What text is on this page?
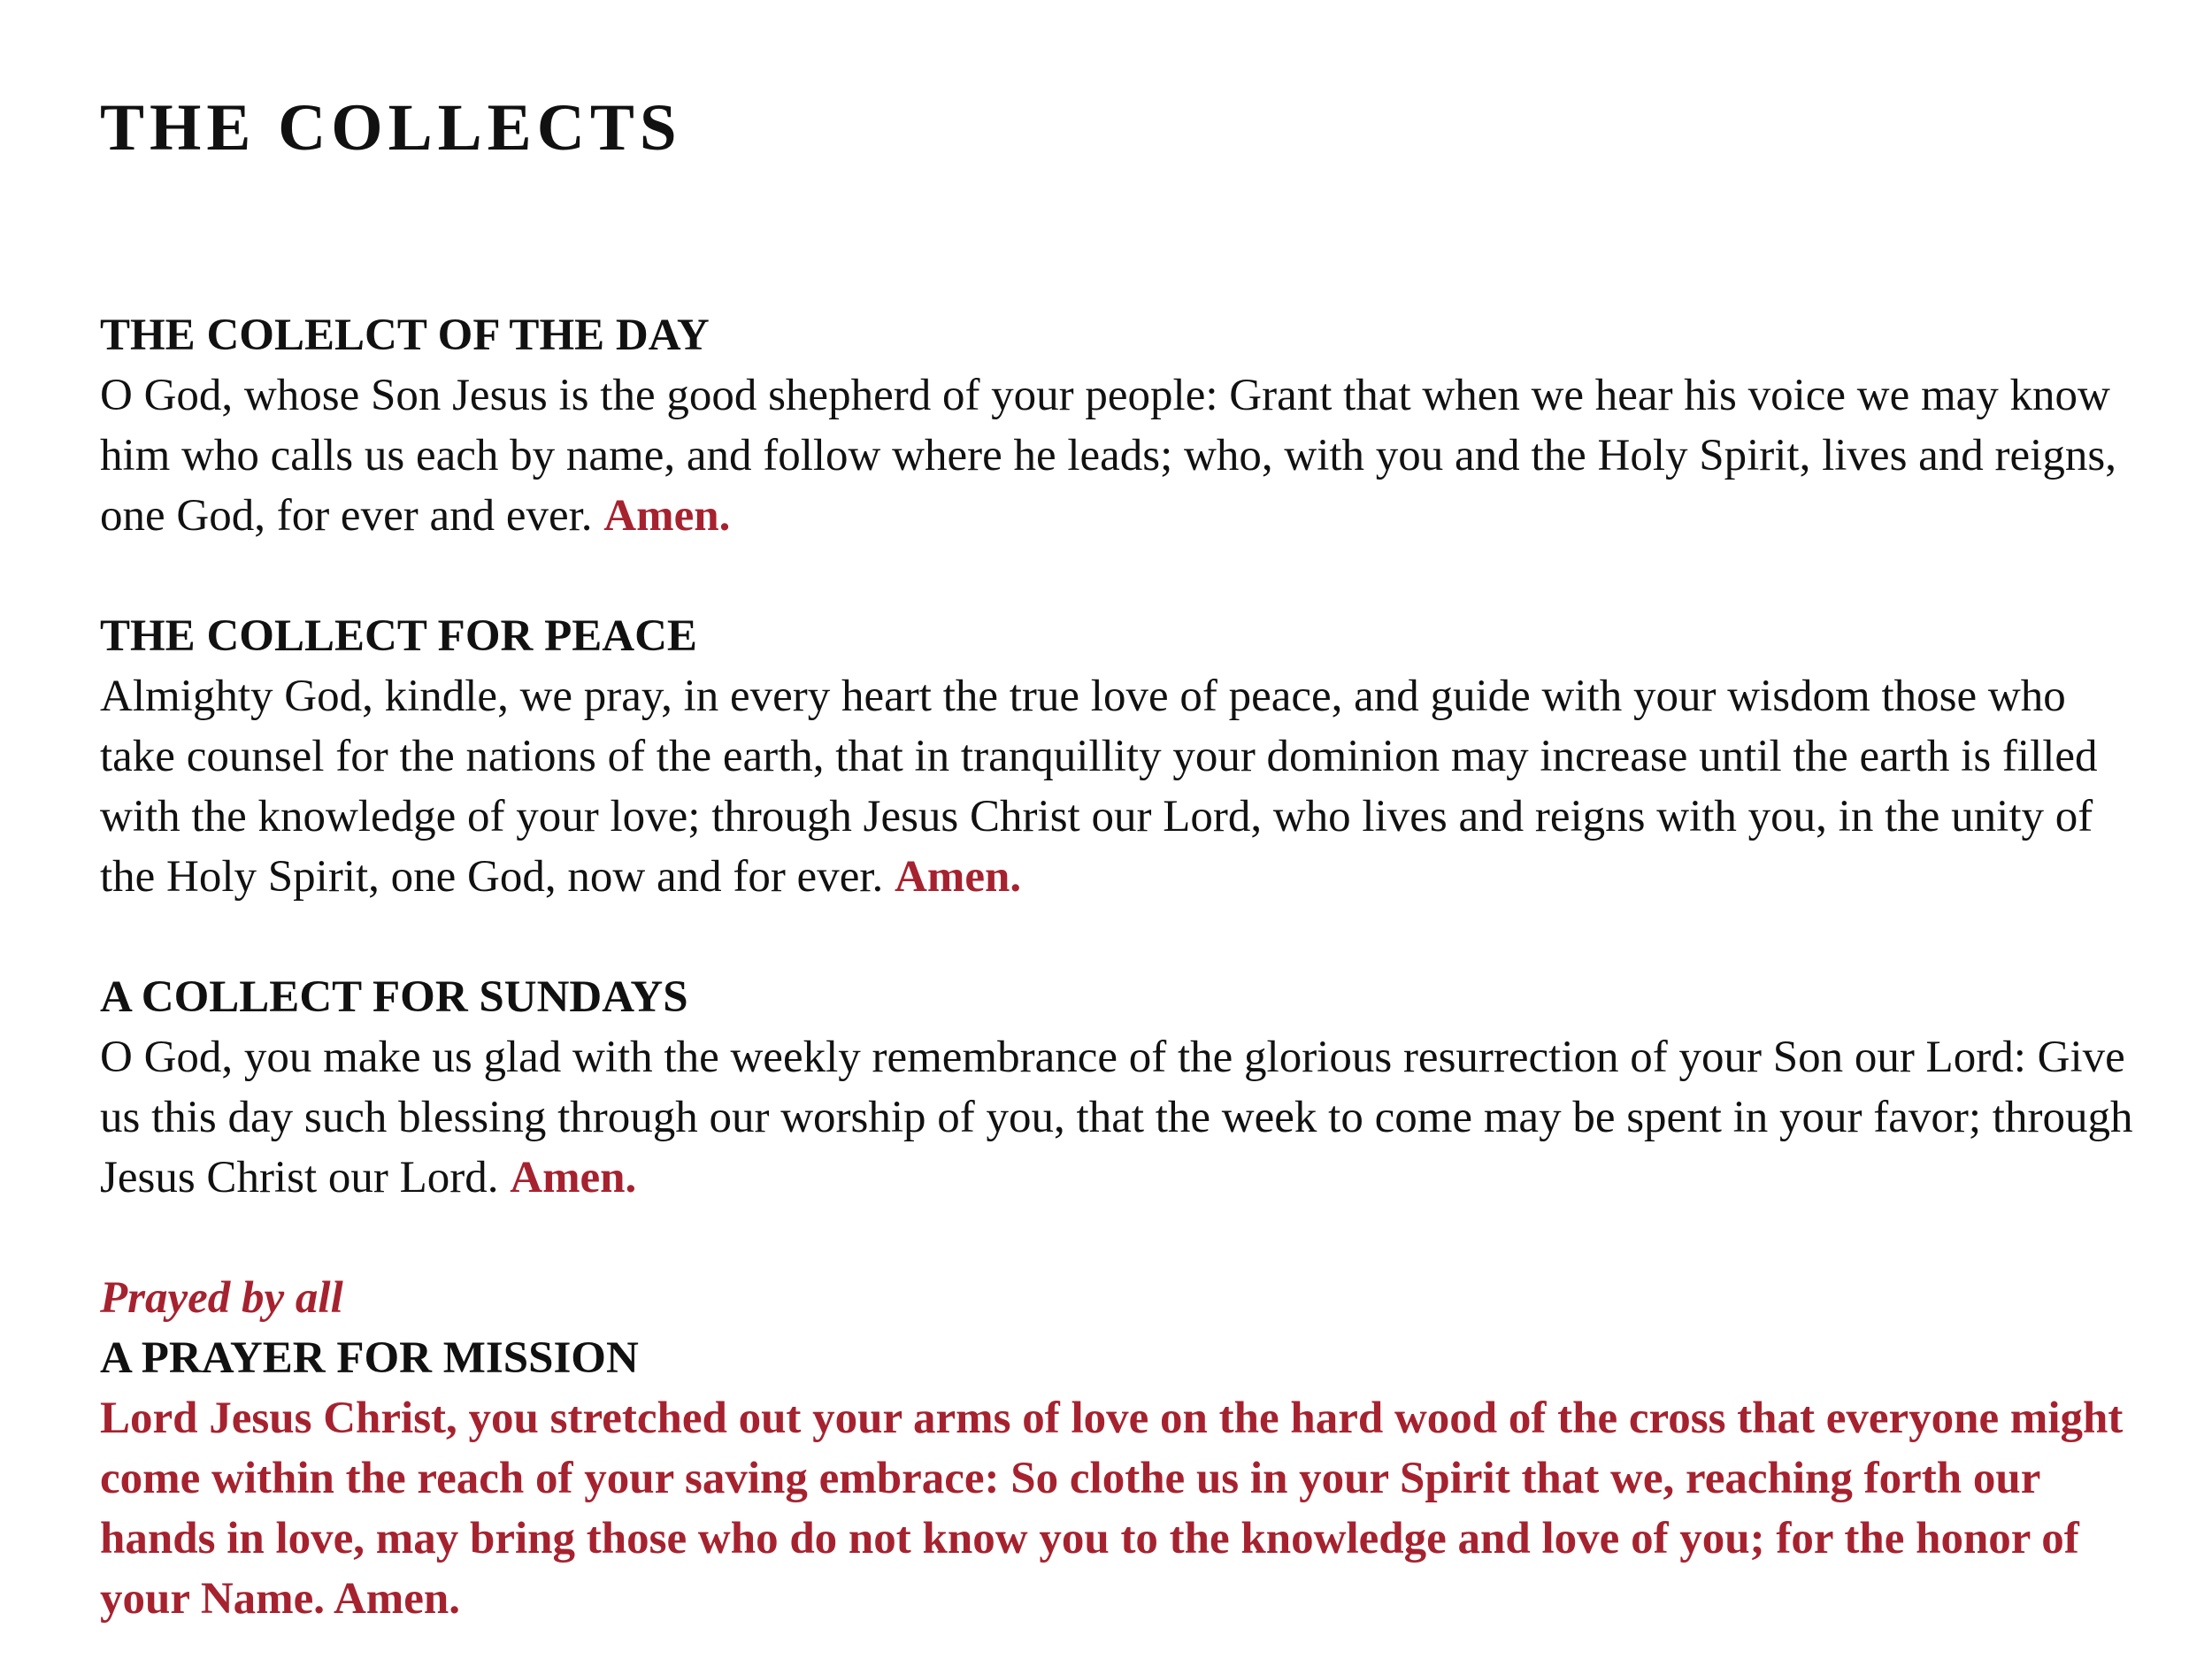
THE COLLECTS

THE COLELCT OF THE DAY

O God, whose Son Jesus is the good shepherd of your people: Grant that when we hear his voice we may know him who calls us each by name, and follow where he leads; who, with you and the Holy Spirit, lives and reigns, one God, for ever and ever. Amen.

THE COLLECT FOR PEACE

Almighty God, kindle, we pray, in every heart the true love of peace, and guide with your wisdom those who take counsel for the nations of the earth, that in tranquillity your dominion may increase until the earth is filled with the knowledge of your love; through Jesus Christ our Lord, who lives and reigns with you, in the unity of the Holy Spirit, one God, now and for ever. Amen.

A COLLECT FOR SUNDAYS

O God, you make us glad with the weekly remembrance of the glorious resurrection of your Son our Lord: Give us this day such blessing through our worship of you, that the week to come may be spent in your favor; through Jesus Christ our Lord. Amen.

Prayed by all

A PRAYER FOR MISSION

Lord Jesus Christ, you stretched out your arms of love on the hard wood of the cross that everyone might come within the reach of your saving embrace: So clothe us in your Spirit that we, reaching forth our hands in love, may bring those who do not know you to the knowledge and love of you; for the honor of your Name. Amen.
